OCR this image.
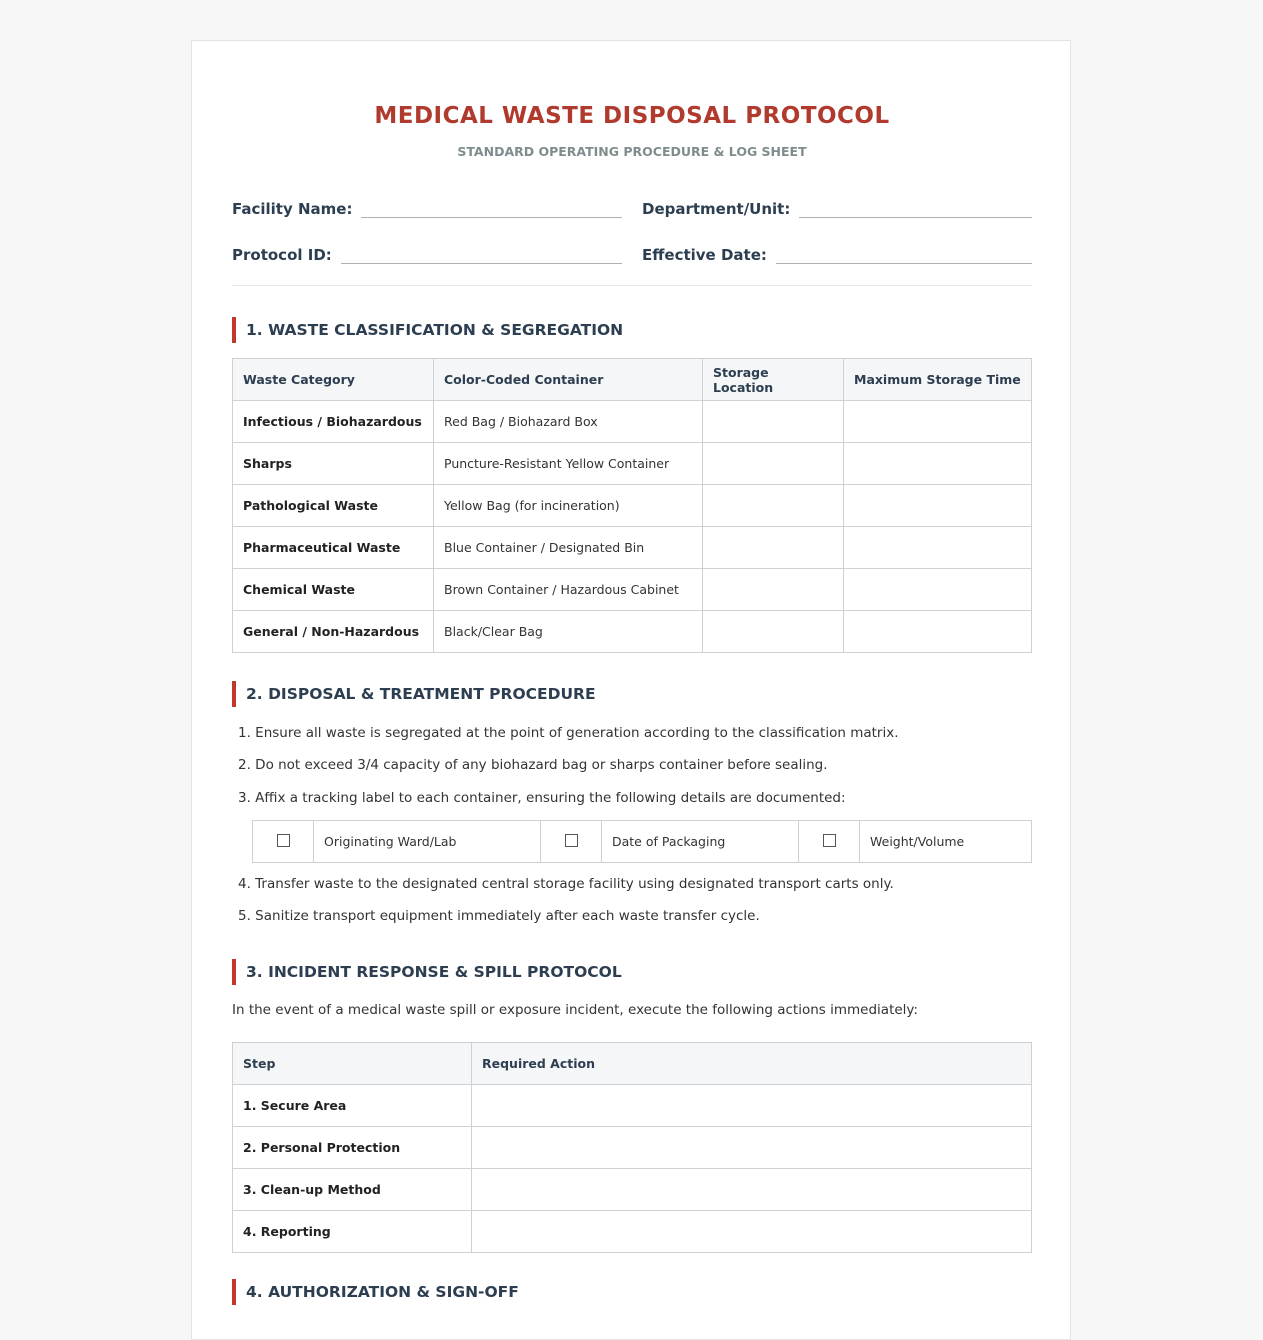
MEDICAL WASTE DISPOSAL PROTOCOL
STANDARD OPERATING PROCEDURE & LOG SHEET
Facility Name:	Department/Unit:
Protocol ID:	Effective Date:
1. WASTE CLASSIFICATION & SEGREGATION
Waste Category	Color-Coded Container	Storage Location	Maximum Storage Time
Infectious / Biohazardous	Red Bag / Biohazard Box		
Sharps	Puncture-Resistant Yellow Container		
Pathological Waste	Yellow Bag (for incineration)		
Pharmaceutical Waste	Blue Container / Designated Bin		
Chemical Waste	Brown Container / Hazardous Cabinet		
General / Non-Hazardous	Black/Clear Bag		
2. DISPOSAL & TREATMENT PROCEDURE
1. Ensure all waste is segregated at the point of generation according to the classification matrix.
2. Do not exceed 3/4 capacity of any biohazard bag or sharps container before sealing.
3. Affix a tracking label to each container, ensuring the following details are documented:
4. Transfer waste to the designated central storage facility using designated transport carts only.
5. Sanitize transport equipment immediately after each waste transfer cycle.
	Originating Ward/Lab		Date of Packaging		Weight/Volume
3. INCIDENT RESPONSE & SPILL PROTOCOL
In the event of a medical waste spill or exposure incident, execute the following actions immediately:
Step	Required Action
1. Secure Area	
2. Personal Protection	
3. Clean-up Method	
4. Reporting	
4. AUTHORIZATION & SIGN-OFF
